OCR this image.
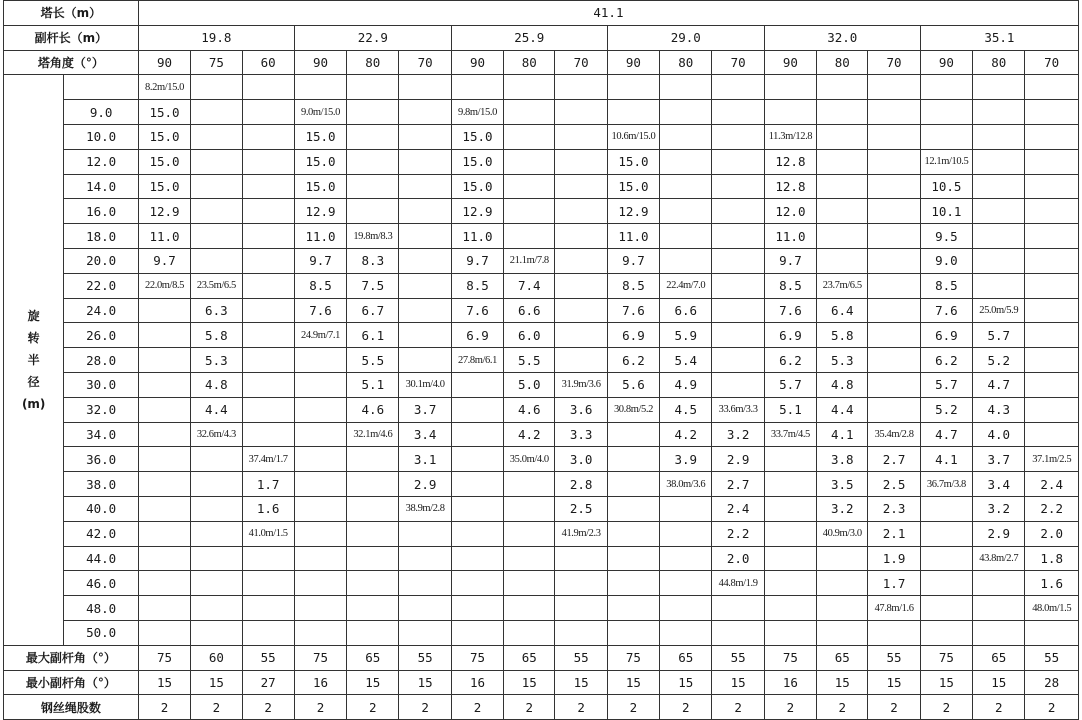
塔长（m）		41.1																	
副杆长（m）		19.8			22.9			25.9			29.0			32.0			35.1		
塔角度（°）		90	75	60	90	80	70	90	80	70	90	80	70	90	80	70	90	80	70

旋
转
半
径
(m)		8.2m/15.0																	
	9.0	15.0			9.0m/15.0			9.8m/15.0											
	10.0	15.0			15.0			15.0			10.6m/15.0			11.3m/12.8					
	12.0	15.0			15.0			15.0			15.0			12.8			12.1m/10.5		
	14.0	15.0			15.0			15.0			15.0			12.8			10.5		
	16.0	12.9			12.9			12.9			12.9			12.0			10.1		
	18.0	11.0			11.0	19.8m/8.3		11.0			11.0			11.0			9.5		
	20.0	9.7			9.7	8.3		9.7	21.1m/7.8		9.7			9.7			9.0		
	22.0	22.0m/8.5	23.5m/6.5		8.5	7.5		8.5	7.4		8.5	22.4m/7.0		8.5	23.7m/6.5		8.5		
	24.0		6.3		7.6	6.7		7.6	6.6		7.6	6.6		7.6	6.4		7.6	25.0m/5.9	
	26.0		5.8		24.9m/7.1	6.1		6.9	6.0		6.9	5.9		6.9	5.8		6.9	5.7	
	28.0		5.3			5.5		27.8m/6.1	5.5		6.2	5.4		6.2	5.3		6.2	5.2	
	30.0		4.8			5.1	30.1m/4.0		5.0	31.9m/3.6	5.6	4.9		5.7	4.8		5.7	4.7	
	32.0		4.4			4.6	3.7		4.6	3.6	30.8m/5.2	4.5	33.6m/3.3	5.1	4.4		5.2	4.3	
	34.0		32.6m/4.3			32.1m/4.6	3.4		4.2	3.3		4.2	3.2	33.7m/4.5	4.1	35.4m/2.8	4.7	4.0	
	36.0			37.4m/1.7			3.1		35.0m/4.0	3.0		3.9	2.9		3.8	2.7	4.1	3.7	37.1m/2.5
	38.0			1.7			2.9			2.8		38.0m/3.6	2.7		3.5	2.5	36.7m/3.8	3.4	2.4
	40.0			1.6			38.9m/2.8			2.5			2.4		3.2	2.3		3.2	2.2
	42.0			41.0m/1.5						41.9m/2.3			2.2		40.9m/3.0	2.1		2.9	2.0
	44.0												2.0			1.9		43.8m/2.7	1.8
	46.0												44.8m/1.9			1.7			1.6
	48.0															47.8m/1.6			48.0m/1.5
	50.0																		
最大副杆角（°）		75	60	55	75	65	55	75	65	55	75	65	55	75	65	55	75	65	55
最小副杆角（°）		15	15	27	16	15	15	16	15	15	15	15	15	16	15	15	15	15	28
钢丝绳股数		2	2	2	2	2	2	2	2	2	2	2	2	2	2	2	2	2	2
